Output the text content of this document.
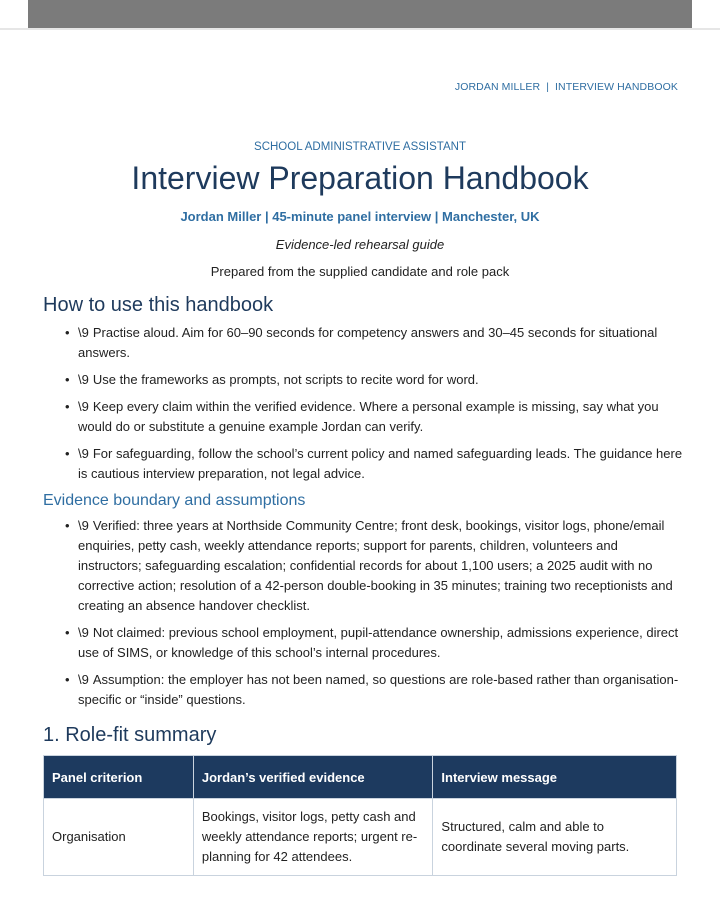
JORDAN MILLER | INTERVIEW HANDBOOK
SCHOOL ADMINISTRATIVE ASSISTANT
Interview Preparation Handbook
Jordan Miller | 45-minute panel interview | Manchester, UK
Evidence-led rehearsal guide
Prepared from the supplied candidate and role pack
How to use this handbook
• \9 Practise aloud. Aim for 60–90 seconds for competency answers and 30–45 seconds for situational answers.
• \9 Use the frameworks as prompts, not scripts to recite word for word.
• \9 Keep every claim within the verified evidence. Where a personal example is missing, say what you would do or substitute a genuine example Jordan can verify.
• \9 For safeguarding, follow the school’s current policy and named safeguarding leads. The guidance here is cautious interview preparation, not legal advice.
Evidence boundary and assumptions
• \9 Verified: three years at Northside Community Centre; front desk, bookings, visitor logs, phone/email enquiries, petty cash, weekly attendance reports; support for parents, children, volunteers and instructors; safeguarding escalation; confidential records for about 1,100 users; a 2025 audit with no corrective action; resolution of a 42-person double-booking in 35 minutes; training two receptionists and creating an absence handover checklist.
• \9 Not claimed: previous school employment, pupil-attendance ownership, admissions experience, direct use of SIMS, or knowledge of this school’s internal procedures.
• \9 Assumption: the employer has not been named, so questions are role-based rather than organisation-specific or “inside” questions.
1. Role-fit summary
Panel criterion	Jordan’s verified evidence	Interview message
Organisation	Bookings, visitor logs, petty cash and weekly attendance reports; urgent re-planning for 42 attendees.	Structured, calm and able to coordinate several moving parts.
